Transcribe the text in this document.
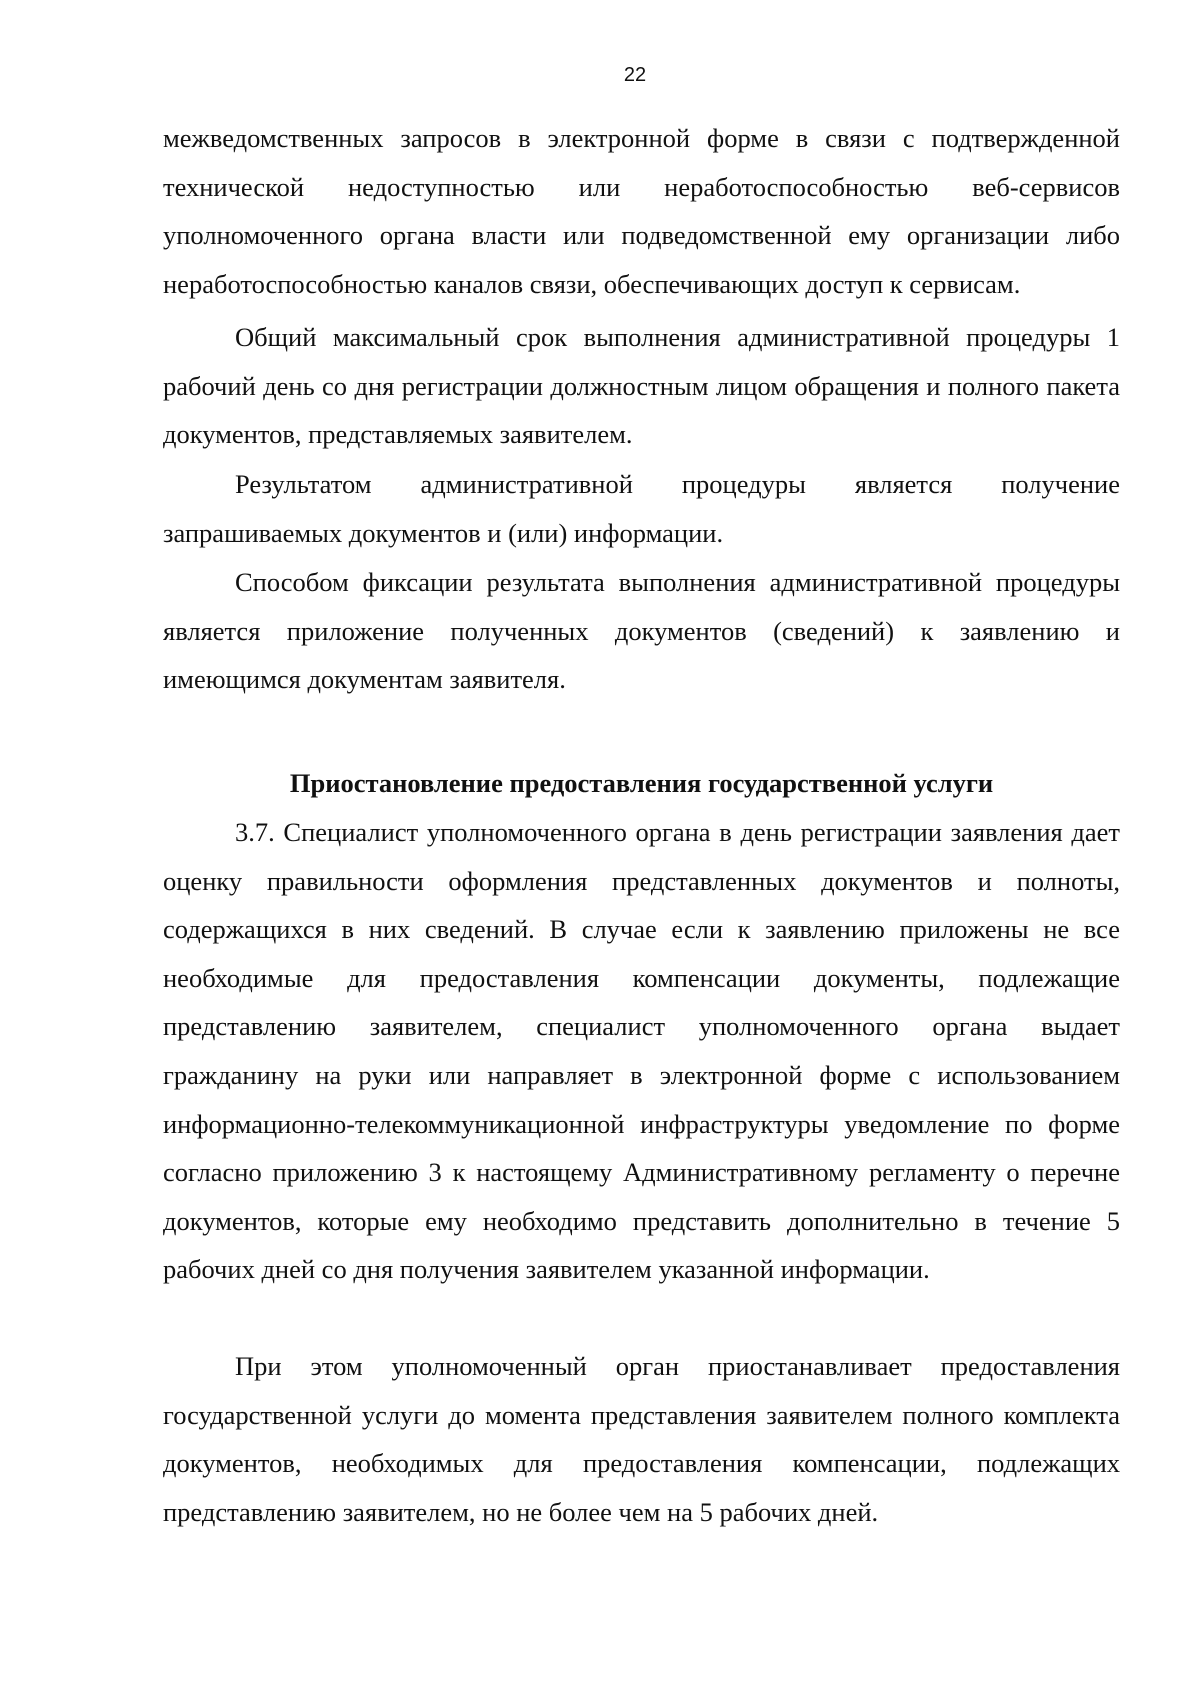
22

межведомственных запросов в электронной форме в связи с подтвержденной технической недоступностью или неработоспособностью веб-сервисов уполномоченного органа власти или подведомственной ему организации либо неработоспособностью каналов связи, обеспечивающих доступ к сервисам.

Общий максимальный срок выполнения административной процедуры 1 рабочий день со дня регистрации должностным лицом обращения и полного пакета документов, представляемых заявителем.

Результатом административной процедуры является получение запрашиваемых документов и (или) информации.

Способом фиксации результата выполнения административной процедуры является приложение полученных документов (сведений) к заявлению и имеющимся документам заявителя.

Приостановление предоставления государственной услуги

3.7. Специалист уполномоченного органа в день регистрации заявления дает оценку правильности оформления представленных документов и полноты, содержащихся в них сведений. В случае если к заявлению приложены не все необходимые для предоставления компенсации документы, подлежащие представлению заявителем, специалист уполномоченного органа выдает гражданину на руки или направляет в электронной форме с использованием информационно-телекоммуникационной инфраструктуры уведомление по форме согласно приложению 3 к настоящему Административному регламенту о перечне документов, которые ему необходимо представить дополнительно в течение 5 рабочих дней со дня получения заявителем указанной информации.

При этом уполномоченный орган приостанавливает предоставления государственной услуги до момента представления заявителем полного комплекта документов, необходимых для предоставления компенсации, подлежащих представлению заявителем, но не более чем на 5 рабочих дней.
